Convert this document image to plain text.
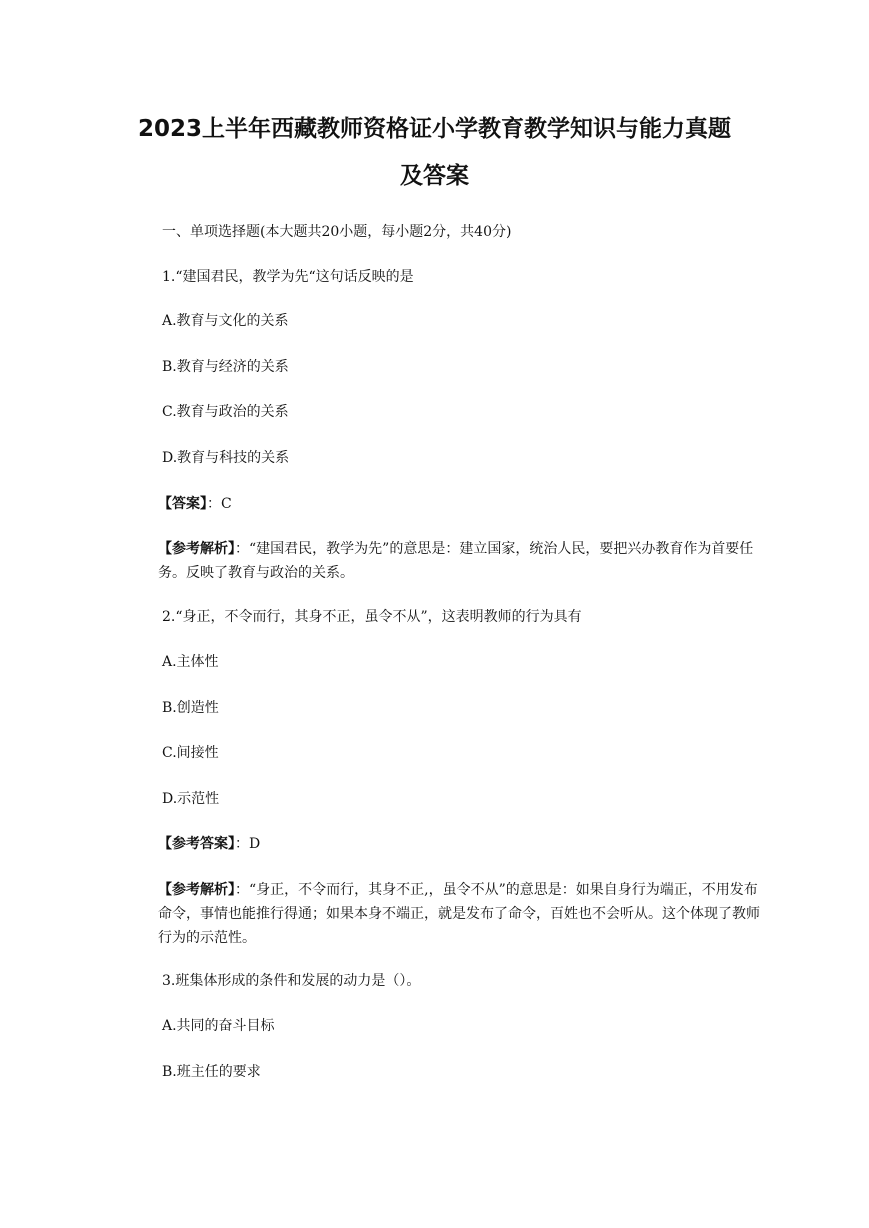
2023上半年西藏教师资格证小学教育教学知识与能力真题
及答案

一、单项选择题(本大题共20小题，每小题2分，共40分)

1.“建国君民，教学为先“这句话反映的是

A.教育与文化的关系

B.教育与经济的关系

C.教育与政治的关系

D.教育与科技的关系

【答案】：C

【参考解析】：“建国君民，教学为先”的意思是：建立国家，统治人民，要把兴办教育作为首要任务。反映了教育与政治的关系。

2.“身正，不令而行，其身不正，虽令不从”，这表明教师的行为具有

A.主体性

B.创造性

C.间接性

D.示范性

【参考答案】：D

【参考解析】：“身正，不令而行，其身不正,，虽令不从”的意思是：如果自身行为端正，不用发布命令，事情也能推行得通；如果本身不端正，就是发布了命令，百姓也不会听从。这个体现了教师行为的示范性。

3.班集体形成的条件和发展的动力是（）。

A.共同的奋斗目标

B.班主任的要求
